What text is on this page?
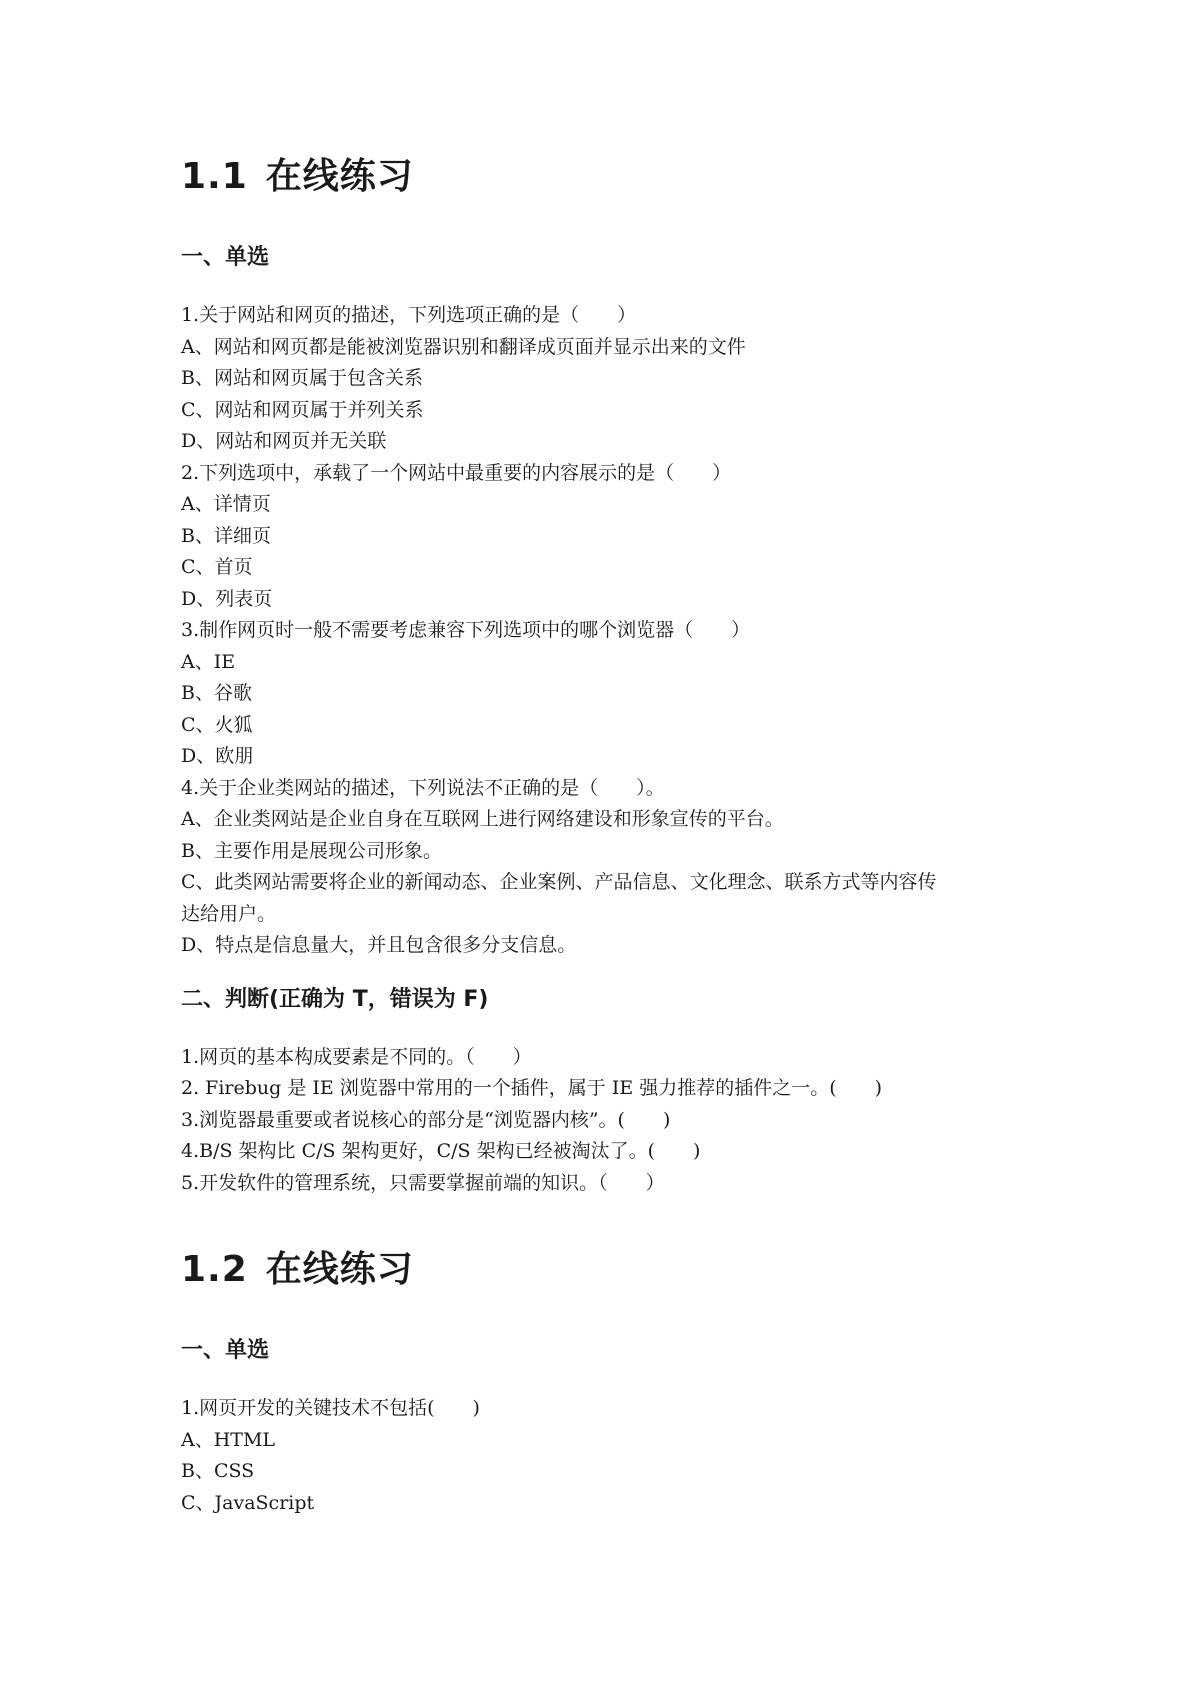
1.1 在线练习
一、单选

1.关于网站和网页的描述，下列选项正确的是（　　）

A、网站和网页都是能被浏览器识别和翻译成页面并显示出来的文件

B、网站和网页属于包含关系

C、网站和网页属于并列关系

D、网站和网页并无关联

2.下列选项中，承载了一个网站中最重要的内容展示的是（　　）

A、详情页

B、详细页

C、首页

D、列表页

3.制作网页时一般不需要考虑兼容下列选项中的哪个浏览器（　　）

A、IE

B、谷歌

C、火狐

D、欧朋

4.关于企业类网站的描述，下列说法不正确的是（　　）。

A、企业类网站是企业自身在互联网上进行网络建设和形象宣传的平台。

B、主要作用是展现公司形象。

C、此类网站需要将企业的新闻动态、企业案例、产品信息、文化理念、联系方式等内容传

达给用户。

D、特点是信息量大，并且包含很多分支信息。

二、判断(正确为 T，错误为 F)

1.网页的基本构成要素是不同的。（　　）

2. Firebug 是 IE 浏览器中常用的一个插件，属于 IE 强力推荐的插件之一。(　　)

3.浏览器最重要或者说核心的部分是“浏览器内核”。(　　)

4.B/S 架构比 C/S 架构更好，C/S 架构已经被淘汰了。(　　)

5.开发软件的管理系统，只需要掌握前端的知识。（　　）

1.2 在线练习
一、单选

1.网页开发的关键技术不包括(　　)

A、HTML

B、CSS

C、JavaScript
